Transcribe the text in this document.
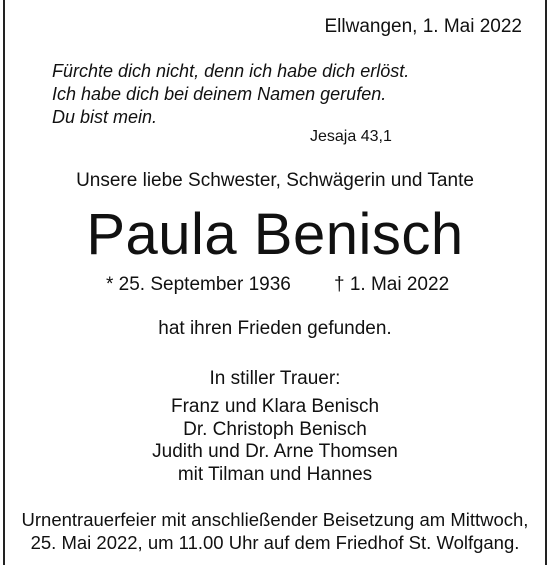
Ellwangen, 1. Mai 2022
Fürchte dich nicht, denn ich habe dich erlöst.
Ich habe dich bei deinem Namen gerufen.
Du bist mein.
Jesaja 43,1
Unsere liebe Schwester, Schwägerin und Tante
Paula Benisch
* 25. September 1936 † 1. Mai 2022
hat ihren Frieden gefunden.
In stiller Trauer:
Franz und Klara Benisch
Dr. Christoph Benisch
Judith und Dr. Arne Thomsen
mit Tilman und Hannes
Urnentrauerfeier mit anschließender Beisetzung am Mittwoch,
25. Mai 2022, um 11.00 Uhr auf dem Friedhof St. Wolfgang.
